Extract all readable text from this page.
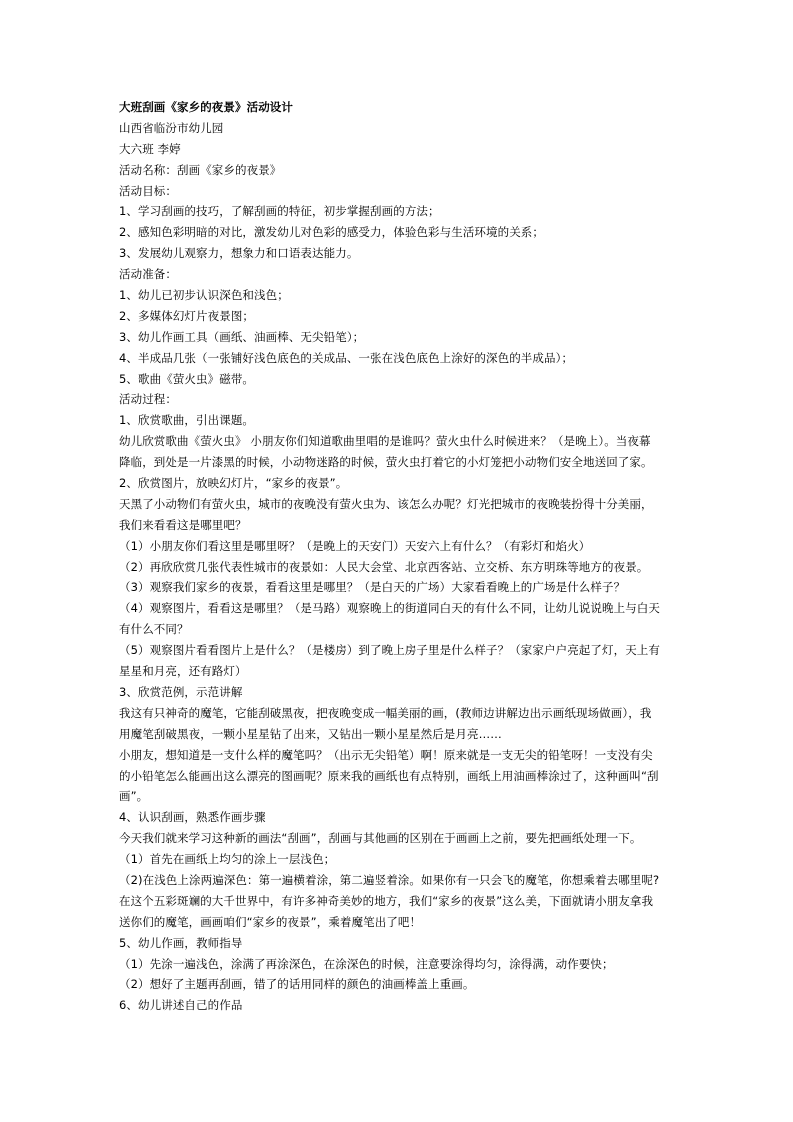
大班刮画《家乡的夜景》活动设计
山西省临汾市幼儿园
大六班 李婷
活动名称：刮画《家乡的夜景》
活动目标：
1、学习刮画的技巧，了解刮画的特征，初步掌握刮画的方法；
2、感知色彩明暗的对比，激发幼儿对色彩的感受力，体验色彩与生活环境的关系；
3、发展幼儿观察力，想象力和口语表达能力。
活动准备：
1、幼儿已初步认识深色和浅色；
2、多媒体幻灯片夜景图；
3、幼儿作画工具（画纸、油画棒、无尖铅笔）；
4、半成品几张（一张铺好浅色底色的关成品、一张在浅色底色上涂好的深色的半成品）；
5、歌曲《萤火虫》磁带。
活动过程：
1、欣赏歌曲，引出课题。
幼儿欣赏歌曲《萤火虫》 小朋友你们知道歌曲里唱的是谁吗？萤火虫什么时候进来？（是晚上）。当夜幕
降临，到处是一片漆黑的时候，小动物迷路的时候，萤火虫打着它的小灯笼把小动物们安全地送回了家。
2、欣赏图片，放映幻灯片，“家乡的夜景”。
天黑了小动物们有萤火虫，城市的夜晚没有萤火虫为、该怎么办呢？灯光把城市的夜晚装扮得十分美丽，
我们来看看这是哪里吧？
（1）小朋友你们看这里是哪里呀？（是晚上的天安门）天安六上有什么？（有彩灯和焰火）
（2）再欣欣赏几张代表性城市的夜景如：人民大会堂、北京西客站、立交桥、东方明珠等地方的夜景。
（3）观察我们家乡的夜景，看看这里是哪里？（是白天的广场）大家看看晚上的广场是什么样子？
（4）观察图片，看看这是哪里？（是马路）观察晚上的街道同白天的有什么不同，让幼儿说说晚上与白天
有什么不同？
（5）观察图片看看图片上是什么？（是楼房）到了晚上房子里是什么样子？（家家户户亮起了灯，天上有
星星和月亮，还有路灯）
3、欣赏范例，示范讲解
我这有只神奇的魔笔，它能刮破黑夜，把夜晚变成一幅美丽的画，(教师边讲解边出示画纸现场做画），我
用魔笔刮破黑夜，一颗小星星钻了出来，又钻出一颗小星星然后是月亮……
小朋友，想知道是一支什么样的魔笔吗？（出示无尖铅笔）啊！原来就是一支无尖的铅笔呀！一支没有尖
的小铅笔怎么能画出这么漂亮的图画呢？原来我的画纸也有点特别，画纸上用油画棒涂过了，这种画叫“刮
画”。
4、认识刮画，熟悉作画步骤
今天我们就来学习这种新的画法“刮画”，刮画与其他画的区别在于画画上之前，要先把画纸处理一下。
（1）首先在画纸上均匀的涂上一层浅色；
（2)在浅色上涂两遍深色：第一遍横着涂，第二遍竖着涂。如果你有一只会飞的魔笔，你想乘着去哪里呢?
在这个五彩斑斓的大千世界中，有许多神奇美妙的地方，我们“家乡的夜景”这么美，下面就请小朋友拿我
送你们的魔笔，画画咱们“家乡的夜景”，乘着魔笔出了吧！
5、幼儿作画，教师指导
（1）先涂一遍浅色，涂满了再涂深色，在涂深色的时候，注意要涂得均匀，涂得满，动作要快；
（2）想好了主题再刮画，错了的话用同样的颜色的油画棒盖上重画。
6、幼儿讲述自己的作品
